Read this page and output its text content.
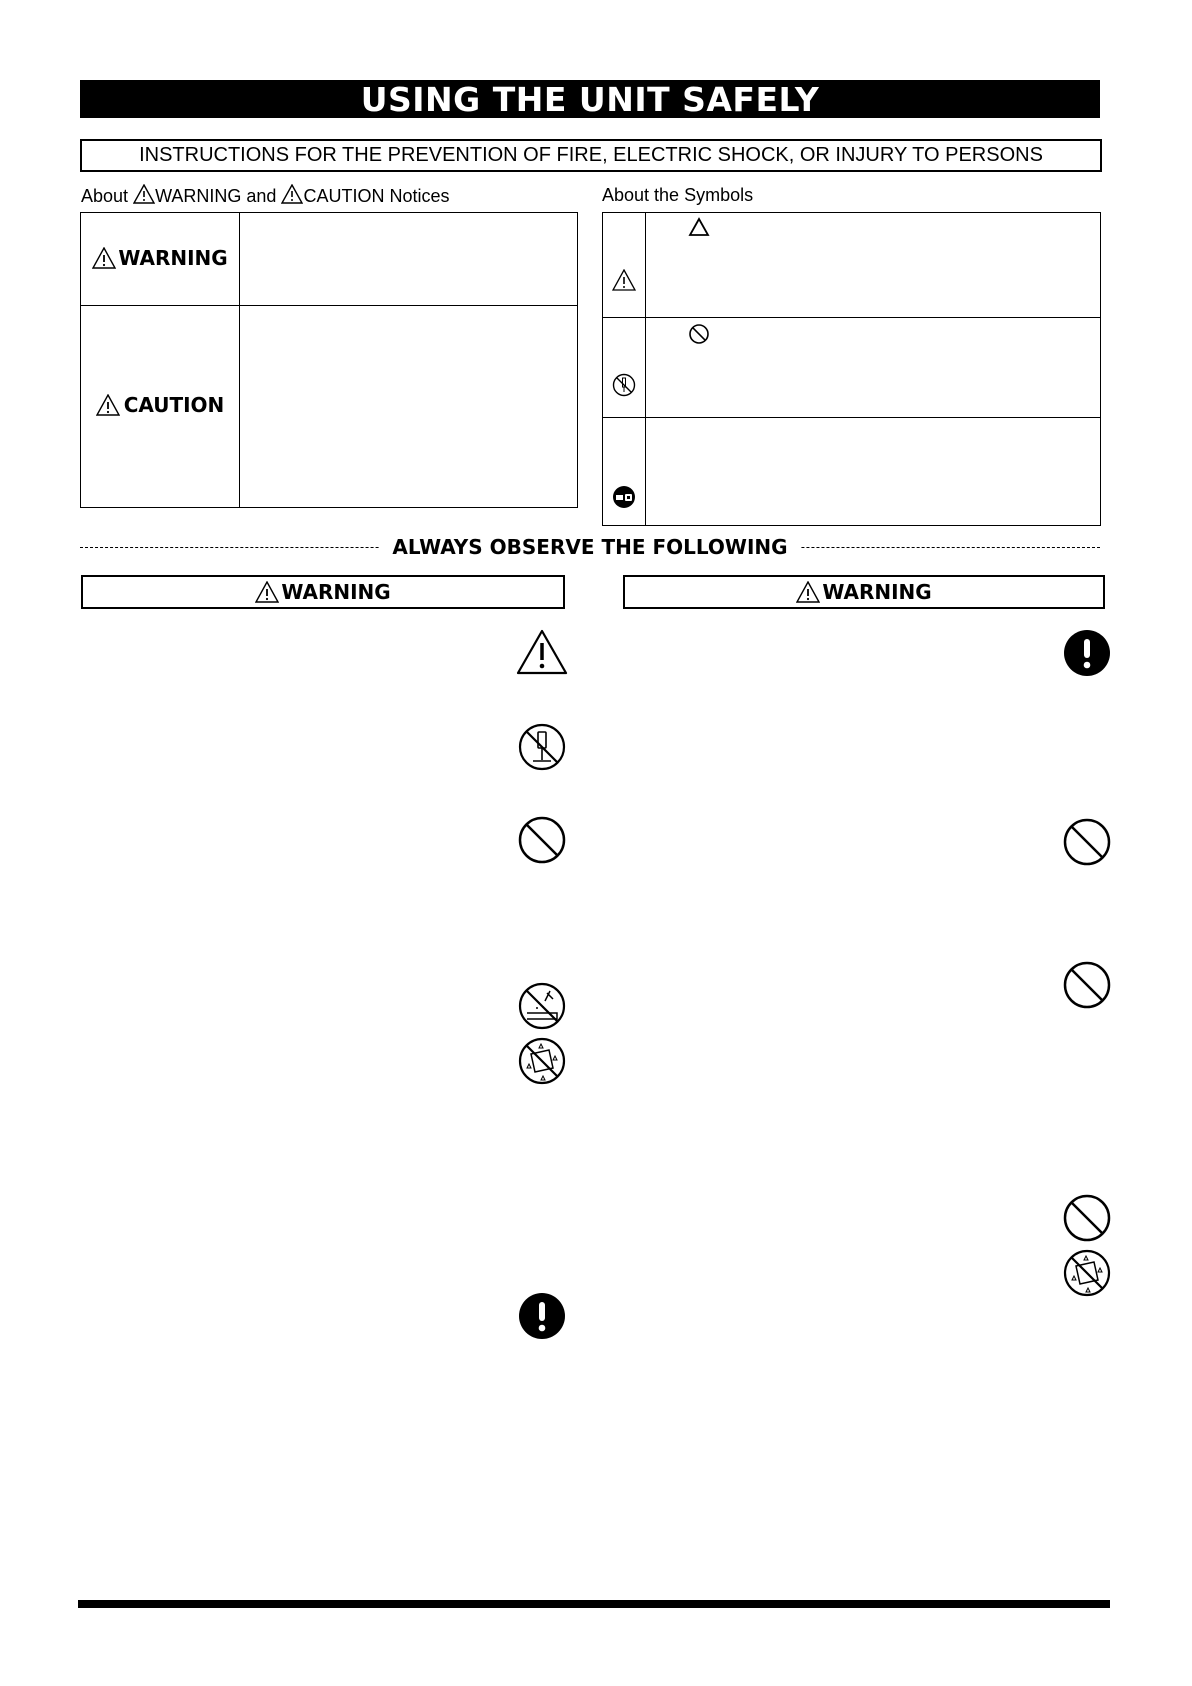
USING THE UNIT SAFELY
INSTRUCTIONS FOR THE PREVENTION OF FIRE, ELECTRIC SHOCK, OR INJURY TO PERSONS
About WARNING and CAUTION Notices
WARNING	

CAUTION	

About the Symbols

ALWAYS OBSERVE THE FOLLOWING
WARNING	WARNING
